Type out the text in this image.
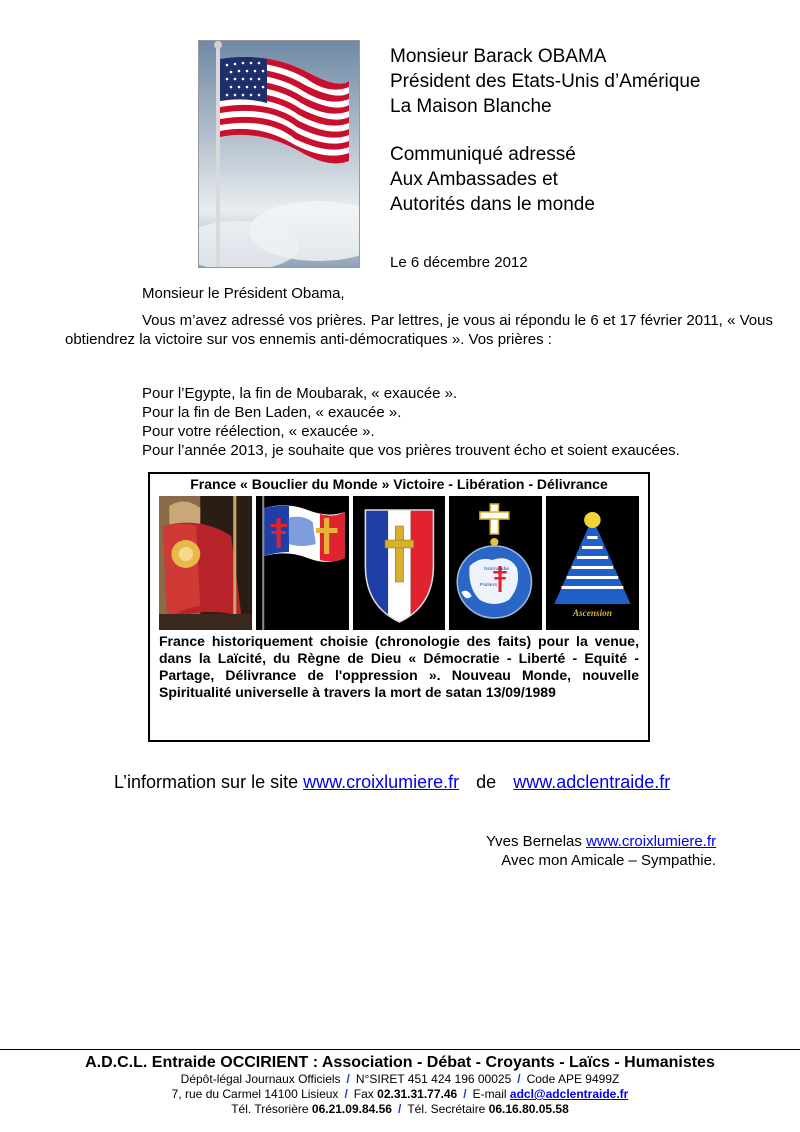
Monsieur Barack OBAMA
Président des Etats-Unis d’Amérique
La Maison Blanche
Communiqué adressé
Aux Ambassades et
Autorités dans le monde
Le 6 décembre 2012
Monsieur le Président Obama,
Vous m’avez adressé vos prières. Par lettres, je vous ai répondu le 6 et 17 février 2011, « Vous obtiendrez la victoire sur vos ennemis anti-démocratiques ». Vos prières :
Pour l’Egypte, la fin de Moubarak, « exaucée ».
Pour la fin de Ben Laden, « exaucée ».
Pour votre réélection, « exaucée ».
Pour l’année 2013, je souhaite que vos prières trouvent écho et soient exaucées.
France « Bouclier du Monde » Victoire - Libération - Délivrance
Normandie
Poitiers
Ascension
France historiquement choisie (chronologie des faits) pour la venue, dans la Laïcité, du Règne de Dieu « Démocratie - Liberté - Equité - Partage, Délivrance de l'oppression ». Nouveau Monde, nouvelle Spiritualité universelle à travers la mort de satan 13/09/1989
L’information sur le site www.croixlumiere.fr de www.adclentraide.fr
Yves Bernelas www.croixlumiere.fr
Avec mon Amicale – Sympathie.
A.D.C.L. Entraide OCCIRIENT : Association - Débat - Croyants - Laïcs - Humanistes
Dépôt-légal Journaux Officiels / N°SIRET 451 424 196 00025 / Code APE 9499Z
7, rue du Carmel 14100 Lisieux / Fax 02.31.31.77.46 / E-mail adcl@adclentraide.fr
Tél. Trésorière 06.21.09.84.56 / Tél. Secrétaire 06.16.80.05.58
